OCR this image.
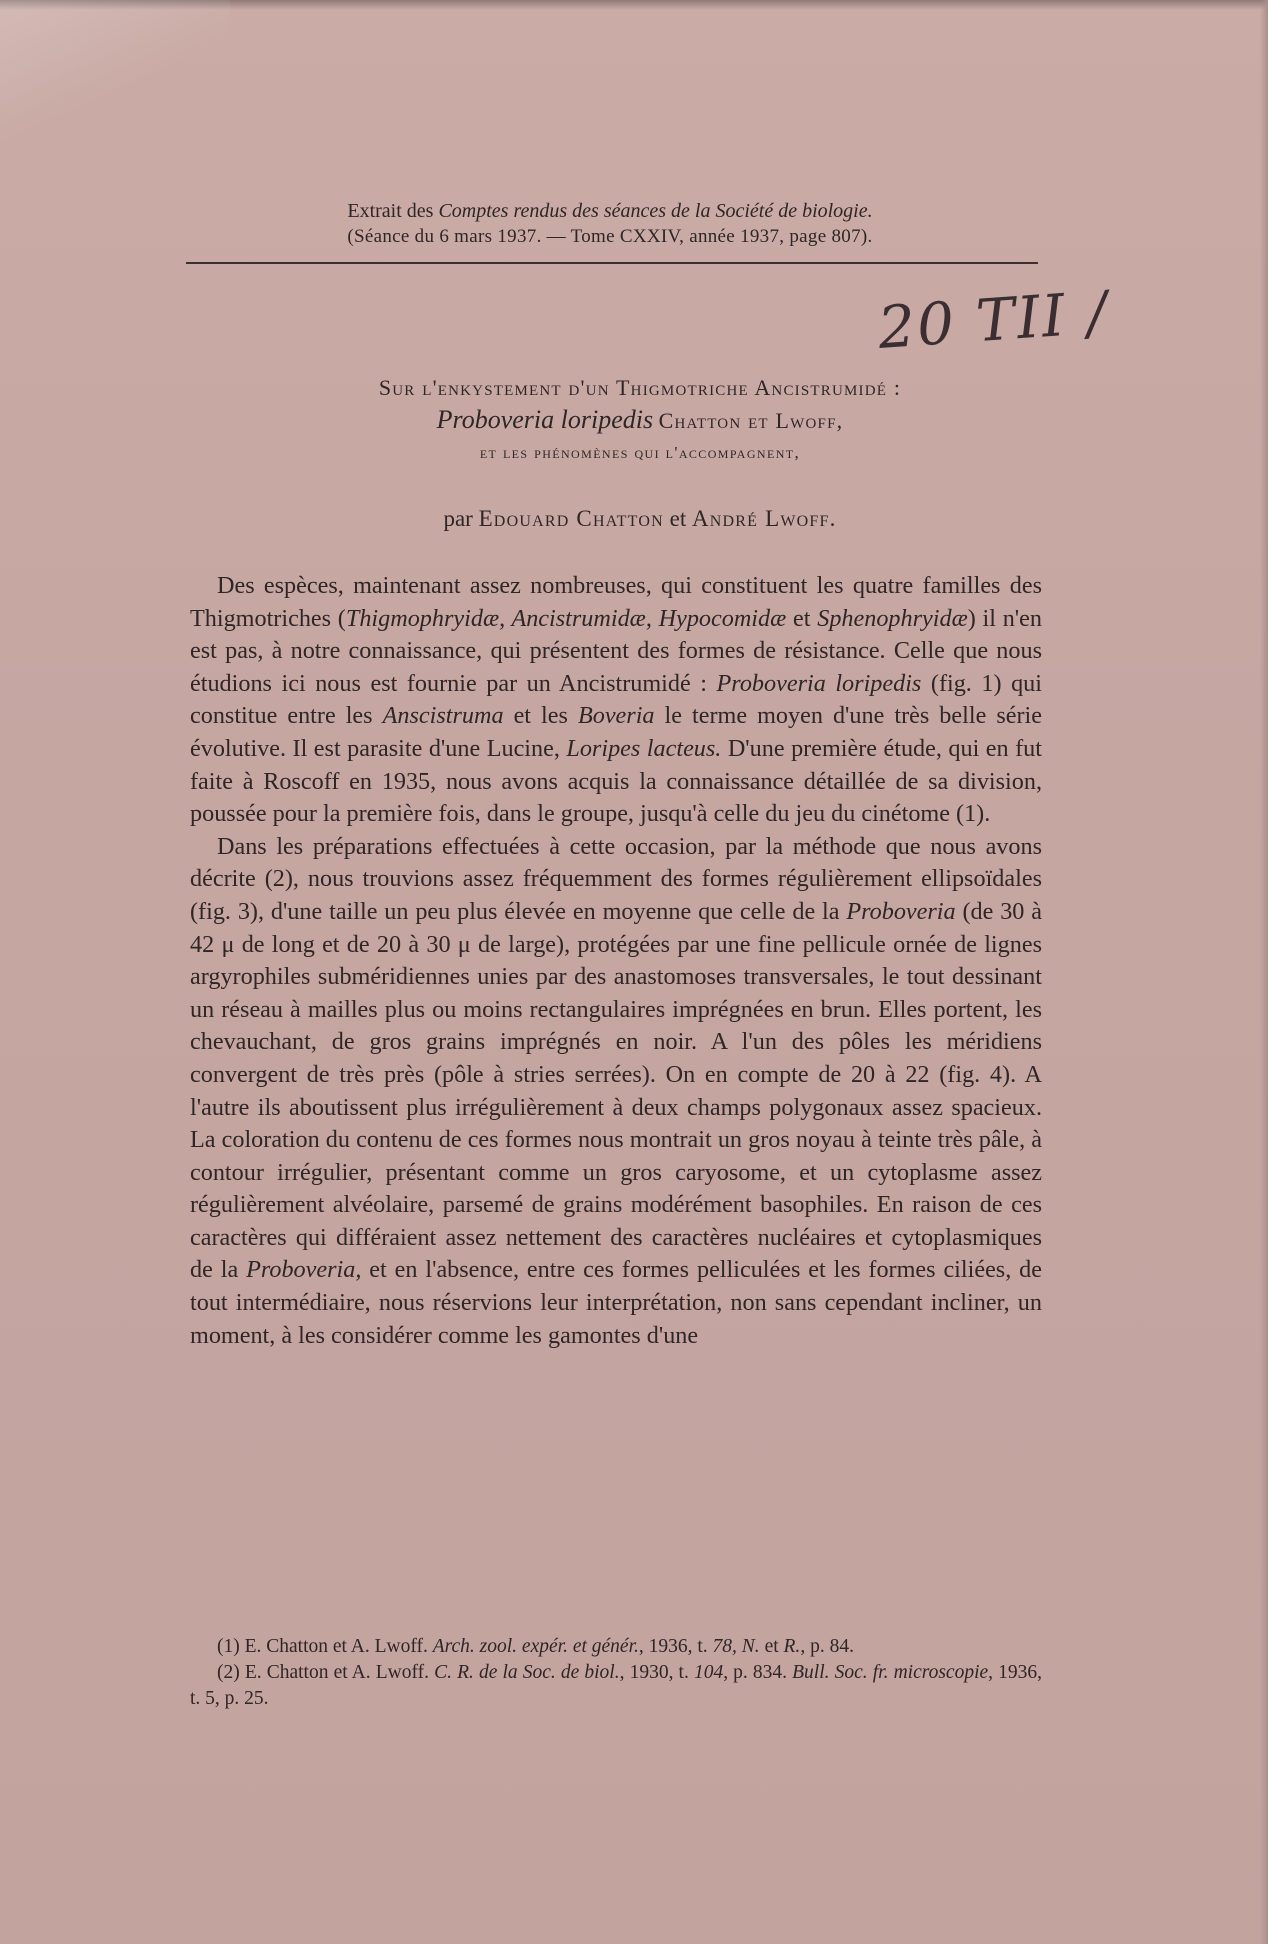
Extrait des Comptes rendus des séances de la Société de biologie.
(Séance du 6 mars 1937. — Tome CXXIV, année 1937, page 807).
20 TII /
Sur l'enkystement d'un Thigmotriche Ancistrumidé :
Proboveria loripedis Chatton et Lwoff,
et les phénomènes qui l'accompagnent,
par Edouard Chatton et André Lwoff.

Des espèces, maintenant assez nombreuses, qui constituent les quatre familles des Thigmotriches (Thigmophryidæ, Ancistrumidæ, Hypocomidæ et Sphenophryidæ) il n'en est pas, à notre connaissance, qui présentent des formes de résistance. Celle que nous étudions ici nous est fournie par un Ancistrumidé : Proboveria loripedis (fig. 1) qui constitue entre les Anscistruma et les Boveria le terme moyen d'une très belle série évolutive. Il est parasite d'une Lucine, Loripes lacteus. D'une première étude, qui en fut faite à Roscoff en 1935, nous avons acquis la connaissance détaillée de sa division, poussée pour la première fois, dans le groupe, jusqu'à celle du jeu du cinétome (1).

Dans les préparations effectuées à cette occasion, par la méthode que nous avons décrite (2), nous trouvions assez fréquemment des formes régulièrement ellipsoïdales (fig. 3), d'une taille un peu plus élevée en moyenne que celle de la Proboveria (de 30 à 42 μ de long et de 20 à 30 μ de large), protégées par une fine pellicule ornée de lignes argyrophiles subméridiennes unies par des anastomoses transversales, le tout dessinant un réseau à mailles plus ou moins rectangulaires imprégnées en brun. Elles portent, les chevauchant, de gros grains imprégnés en noir. A l'un des pôles les méridiens convergent de très près (pôle à stries serrées). On en compte de 20 à 22 (fig. 4). A l'autre ils aboutissent plus irrégulièrement à deux champs polygonaux assez spacieux. La coloration du contenu de ces formes nous montrait un gros noyau à teinte très pâle, à contour irrégulier, présentant comme un gros caryosome, et un cytoplasme assez régulièrement alvéolaire, parsemé de grains modérément basophiles. En raison de ces caractères qui différaient assez nettement des caractères nucléaires et cytoplasmiques de la Proboveria, et en l'absence, entre ces formes pelliculées et les formes ciliées, de tout intermédiaire, nous réservions leur interprétation, non sans cependant incliner, un moment, à les considérer comme les gamontes d'une

(1) E. Chatton et A. Lwoff. Arch. zool. expér. et génér., 1936, t. 78, N. et R., p. 84.

(2) E. Chatton et A. Lwoff. C. R. de la Soc. de biol., 1930, t. 104, p. 834. Bull. Soc. fr. microscopie, 1936, t. 5, p. 25.
